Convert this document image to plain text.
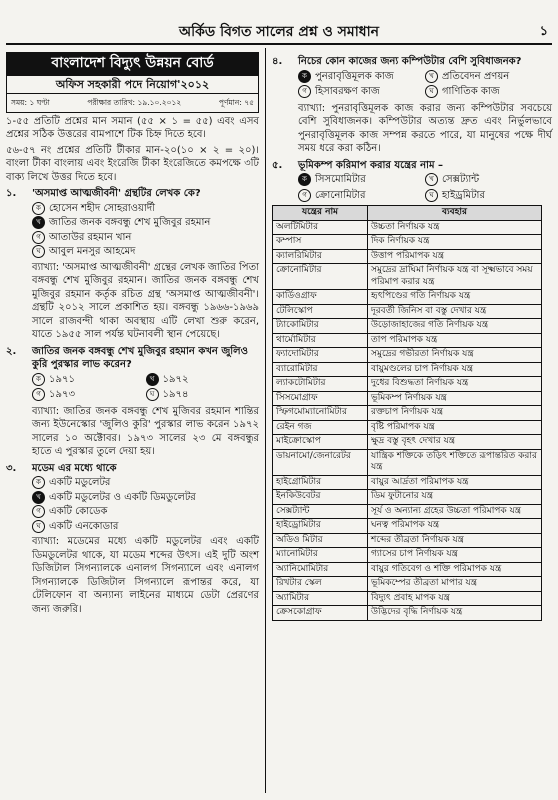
অর্কিড বিগত সালের প্রশ্ন ও সমাধান	১
বাংলাদেশ বিদ্যুৎ উন্নয়ন বোর্ড
অফিস সহকারী পদে নিয়োগ'২০১২
সময়: ১ ঘণ্টা	পরীক্ষার তারিখ: ১৯.১০.২০১২	পূর্ণমান: ৭৫

১-৫৫ প্রতিটি প্রশ্নের মান সমান (৫৫ × ১ = ৫৫) এবং এসব প্রশ্নের সঠিক উত্তরের বামপাশে টিক চিহ্ন দিতে হবে।

৫৬-৫৭ নং প্রশ্নের প্রতিটি টীকার মান-২০(১০ × ২ = ২০)। বাংলা টীকা বাংলায় এবং ইংরেজি টীকা ইংরেজিতে কমপক্ষে ৩টি বাক্য লিখে উত্তর দিতে হবে।

১.	'অসমাপ্ত আত্মজীবনী' গ্রন্থটির লেখক কে?
ক হোসেন শহীদ সোহরাওয়ার্দী
খ জাতির জনক বঙ্গবন্ধু শেখ মুজিবুর রহমান
গ আতাউর রহমান খান
ঘ আবুল মনসুর আহমেদ

ব্যাখ্যা: 'অসমাপ্ত আত্মজীবনী' গ্রন্থের লেখক জাতির পিতা বঙ্গবন্ধু শেখ মুজিবুর রহমান। জাতির জনক বঙ্গবন্ধু শেখ মুজিবুর রহমান কর্তৃক রচিত গ্রন্থ 'অসমাপ্ত আত্মজীবনী'। গ্রন্থটি ২০১২ সালে প্রকাশিত হয়। বঙ্গবন্ধু ১৯৬৬-১৯৬৯ সালে রাজবন্দী থাকা অবস্থায় এটি লেখা শুরু করেন, যাতে ১৯৫৫ সাল পর্যন্ত ঘটনাবলী স্থান পেয়েছে।

২.	জাতির জনক বঙ্গবন্ধু শেখ মুজিবুর রহমান কখন জুলিও কুরি পুরস্কার লাভ করেন?
ক ১৯৭১	খ ১৯৭২
গ ১৯৭৩	ঘ ১৯৭৪

ব্যাখ্যা: জাতির জনক বঙ্গবন্ধু শেখ মুজিবর রহমান শান্তির জন্য ইউনেস্কোর 'জুলিও কুরি' পুরস্কার লাভ করেন ১৯৭২ সালের ১০ অক্টোবর। ১৯৭৩ সালের ২৩ মে বঙ্গবন্ধুর হাতে এ পুরস্কার তুলে দেয়া হয়।

৩.	মডেম এর মধ্যে থাকে
ক একটি মডুলেটর
খ একটি মডুলেটর ও একটি ডিমডুলেটর
গ একটি কোডেক
ঘ একটি এনকোডার

ব্যাখ্যা: মডেমের মধ্যে একটি মডুলেটর এবং একটি ডিমডুলেটর থাকে, যা মডেম শব্দের উৎস। এই দুটি অংশ ডিজিটাল সিগন্যালকে এনালগ সিগন্যালে এবং এনালগ সিগন্যালকে ডিজিটাল সিগন্যালে রূপান্তর করে, যা টেলিফোন বা অন্যান্য লাইনের মাধ্যমে ডেটা প্রেরণের জন্য জরুরি।

৪.	নিচের কোন কাজের জন্য কম্পিউটার বেশি সুবিধাজনক?
ক পুনরাবৃত্তিমূলক কাজ	খ প্রতিবেদন প্রণয়ন
গ হিসাবরক্ষণ কাজ	ঘ গাণিতিক কাজ

ব্যাখ্যা: পুনরাবৃত্তিমূলক কাজ করার জন্য কম্পিউটার সবচেয়ে বেশি সুবিধাজনক। কম্পিউটার অত্যন্ত দ্রুত এবং নির্ভুলভাবে পুনরাবৃত্তিমূলক কাজ সম্পন্ন করতে পারে, যা মানুষের পক্ষে দীর্ঘ সময় ধরে করা কঠিন।

৫.	ভূমিকম্প করিমাপ করার যন্ত্রের নাম –
ক সিসমোমিটার	খ সেক্সট্যান্ট
গ ক্রোনোমিটার	ঘ হাইড্রমিটার
যন্ত্রের নাম	ব্যবহার
অলটিমিটার	উচ্চতা নির্ণায়ক যন্ত্র
কম্পাস	দিক নির্ণায়ক যন্ত্র
ক্যালরিমিটার	উত্তাপ পরিমাপক যন্ত্র
ক্রোনোমিটার	সমুদ্রের দ্রাঘিমা নির্ণায়ক যন্ত্র বা সূক্ষ্মভাবে সময় পরিমাপ করার যন্ত্র
কার্ডিওগ্রাফ	হৃৎপিণ্ডের গতি নির্ণায়ক যন্ত্র
টেলিস্কোপ	দূরবর্তী জিনিস বা বস্তু দেখার যন্ত্র
ট্যাকোমিটার	উড়োজাহাজের গতি নির্ণায়ক যন্ত্র
থার্মোমিটার	তাপ পরিমাপক যন্ত্র
ফ্যাদোমিটার	সমুদ্রের গভীরতা নির্ণায়ক যন্ত্র
ব্যারোমিটার	বায়ুমণ্ডলের চাপ নির্ণায়ক যন্ত্র
ল্যাকটোমিটার	দুধের বিশুদ্ধতা নির্ণায়ক যন্ত্র
সিসমোগ্রাফ	ভূমিকম্প নির্ণায়ক যন্ত্র
স্ফিগমোম্যানোমিটার	রক্তচাপ নির্ণায়ক যন্ত্র
রেইন গজ	বৃষ্টি পরিমাপক যন্ত্র
মাইক্রোস্কোপ	ক্ষুদ্র বস্তু বৃহৎ দেখার যন্ত্র
ডায়নামো/জেনারেটর	যান্ত্রিক শক্তিকে তড়িৎ শক্তিতে রূপান্তরিত করার যন্ত্র
হাইগ্রোমিটার	বায়ুর আর্দ্রতা পরিমাপক যন্ত্র
ইনকিউবেটর	ডিম ফুটানোর যন্ত্র
সেক্সট্যান্ট	সূর্য ও অন্যান্য গ্রহের উচ্চতা পরিমাপক যন্ত্র
হাইড্রোমিটার	ঘনত্ব পরিমাপক যন্ত্র
অডিও মিটার	শব্দের তীব্রতা নির্ণায়ক যন্ত্র
ম্যানোমিটার	গ্যাসের চাপ নির্ণায়ক যন্ত্র
অ্যানিমোমিটার	বায়ুর গতিবেগ ও শক্তি পরিমাপক যন্ত্র
রিখটার স্কেল	ভূমিকম্পের তীব্রতা মাপার যন্ত্র
অ্যামিটার	বিদ্যুৎ প্রবাহ মাপক যন্ত্র
ক্রেসকোগ্রাফ	উদ্ভিদের বৃদ্ধি নির্ণায়ক যন্ত্র
